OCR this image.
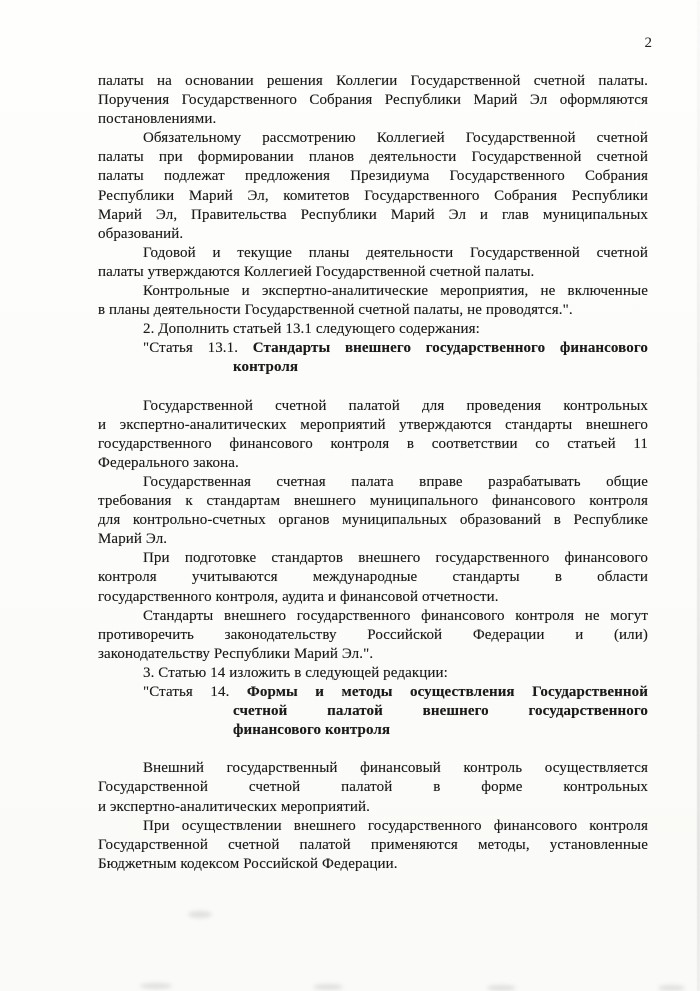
2
палаты на основании решения Коллегии Государственной счетной палаты.
Поручения Государственного Собрания Республики Марий Эл оформляются
постановлениями.
Обязательному рассмотрению Коллегией Государственной счетной
палаты при формировании планов деятельности Государственной счетной
палаты подлежат предложения Президиума Государственного Собрания
Республики Марий Эл, комитетов Государственного Собрания Республики
Марий Эл, Правительства Республики Марий Эл и глав муниципальных
образований.
Годовой и текущие планы деятельности Государственной счетной
палаты утверждаются Коллегией Государственной счетной палаты.
Контрольные и экспертно-аналитические мероприятия, не включенные
в планы деятельности Государственной счетной палаты, не проводятся.".
2. Дополнить статьей 13.1 следующего содержания:
"Статья 13.1. Стандарты внешнего государственного финансового
контроля
Государственной счетной палатой для проведения контрольных
и экспертно-аналитических мероприятий утверждаются стандарты внешнего
государственного финансового контроля в соответствии со статьей 11
Федерального закона.
Государственная счетная палата вправе разрабатывать общие
требования к стандартам внешнего муниципального финансового контроля
для контрольно-счетных органов муниципальных образований в Республике
Марий Эл.
При подготовке стандартов внешнего государственного финансового
контроля учитываются международные стандарты в области
государственного контроля, аудита и финансовой отчетности.
Стандарты внешнего государственного финансового контроля не могут
противоречить законодательству Российской Федерации и (или)
законодательству Республики Марий Эл.".
3. Статью 14 изложить в следующей редакции:
"Статья 14. Формы и методы осуществления Государственной
счетной палатой внешнего государственного
финансового контроля
Внешний государственный финансовый контроль осуществляется
Государственной счетной палатой в форме контрольных
и экспертно-аналитических мероприятий.
При осуществлении внешнего государственного финансового контроля
Государственной счетной палатой применяются методы, установленные
Бюджетным кодексом Российской Федерации.
